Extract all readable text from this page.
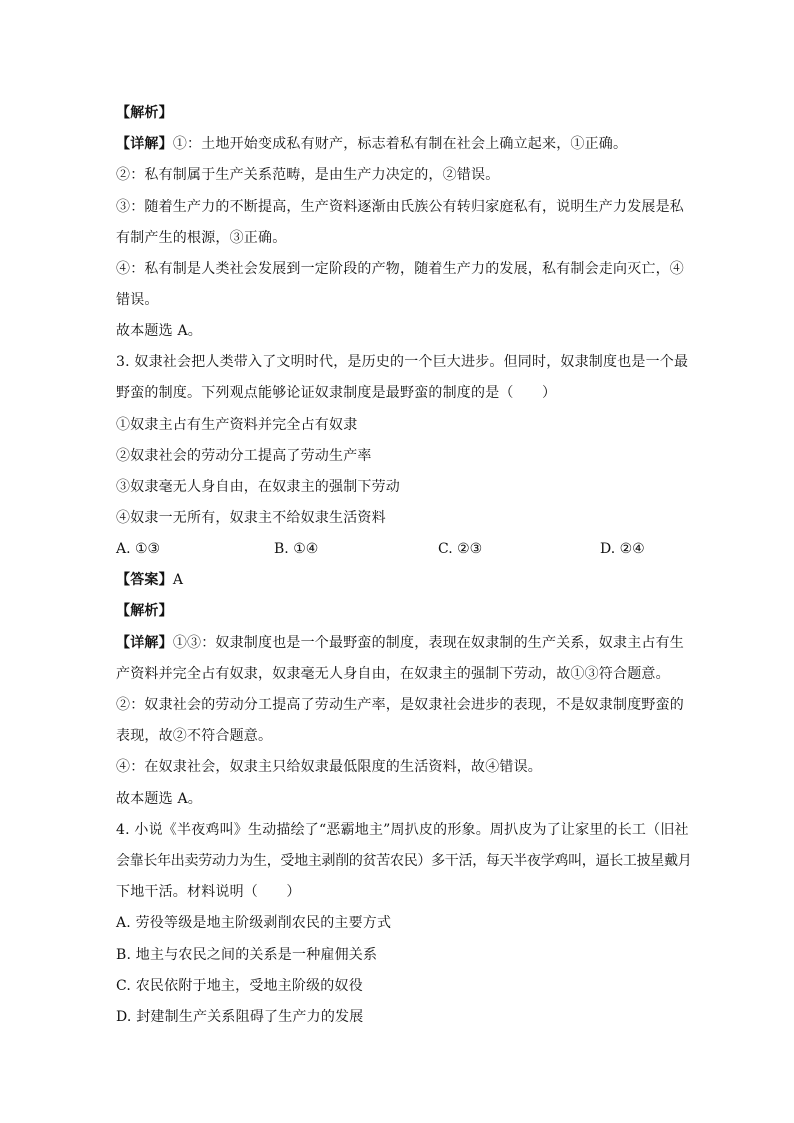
【解析】
【详解】①：土地开始变成私有财产，标志着私有制在社会上确立起来，①正确。
②：私有制属于生产关系范畴，是由生产力决定的，②错误。
③：随着生产力的不断提高，生产资料逐渐由氏族公有转归家庭私有，说明生产力发展是私
有制产生的根源，③正确。
④：私有制是人类社会发展到一定阶段的产物，随着生产力的发展，私有制会走向灭亡，④
错误。
故本题选 A。
3. 奴隶社会把人类带入了文明时代，是历史的一个巨大进步。但同时，奴隶制度也是一个最
野蛮的制度。下列观点能够论证奴隶制度是最野蛮的制度的是（　　）
①奴隶主占有生产资料并完全占有奴隶
②奴隶社会的劳动分工提高了劳动生产率
③奴隶毫无人身自由，在奴隶主的强制下劳动
④奴隶一无所有，奴隶主不给奴隶生活资料
A. ①③	B. ①④	C. ②③	D. ②④
【答案】A
【解析】
【详解】①③：奴隶制度也是一个最野蛮的制度，表现在奴隶制的生产关系，奴隶主占有生
产资料并完全占有奴隶，奴隶毫无人身自由，在奴隶主的强制下劳动，故①③符合题意。
②：奴隶社会的劳动分工提高了劳动生产率，是奴隶社会进步的表现，不是奴隶制度野蛮的
表现，故②不符合题意。
④：在奴隶社会，奴隶主只给奴隶最低限度的生活资料，故④错误。
故本题选 A。
4. 小说《半夜鸡叫》生动描绘了“恶霸地主”周扒皮的形象。周扒皮为了让家里的长工（旧社
会靠长年出卖劳动力为生，受地主剥削的贫苦农民）多干活，每天半夜学鸡叫，逼长工披星戴月
下地干活。材料说明（　　）
A. 劳役等级是地主阶级剥削农民的主要方式
B. 地主与农民之间的关系是一种雇佣关系
C. 农民依附于地主，受地主阶级的奴役
D. 封建制生产关系阻碍了生产力的发展
